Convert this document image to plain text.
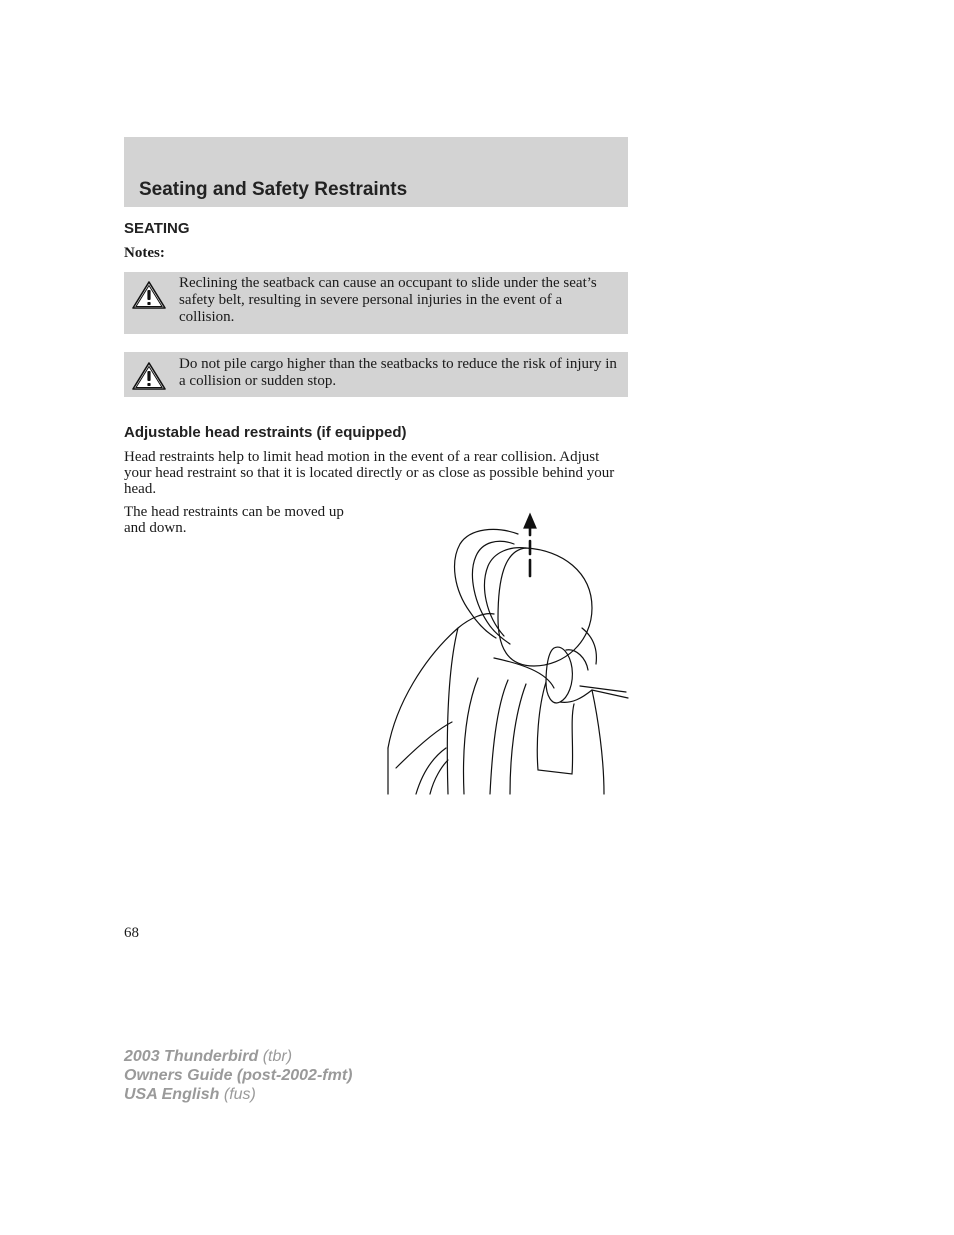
Seating and Safety Restraints
SEATING
Notes:
Reclining the seatback can cause an occupant to slide under the seat’s safety belt, resulting in severe personal injuries in the event of a collision.
Do not pile cargo higher than the seatbacks to reduce the risk of injury in a collision or sudden stop.
Adjustable head restraints (if equipped)
Head restraints help to limit head motion in the event of a rear collision. Adjust your head restraint so that it is located directly or as close as possible behind your head.
The head restraints can be moved up and down.
68
2003 Thunderbird (tbr)
Owners Guide (post-2002-fmt)
USA English (fus)
